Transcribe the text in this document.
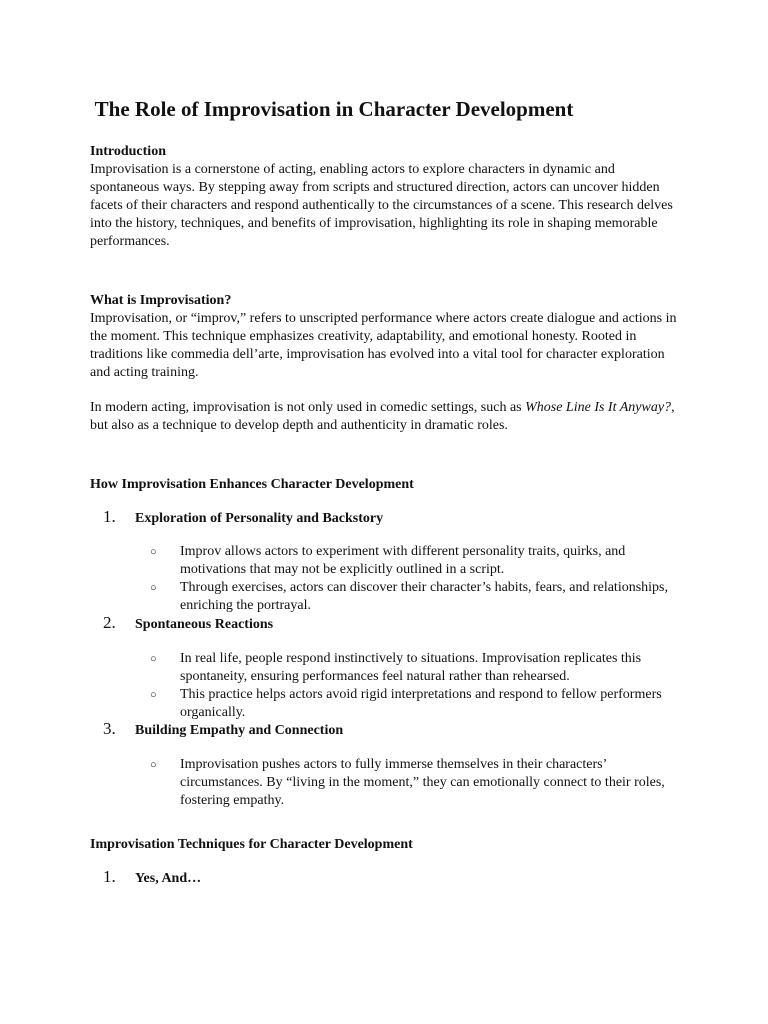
The Role of Improvisation in Character Development
Introduction

Improvisation is a cornerstone of acting, enabling actors to explore characters in dynamic and spontaneous ways. By stepping away from scripts and structured direction, actors can uncover hidden facets of their characters and respond authentically to the circumstances of a scene. This research delves into the history, techniques, and benefits of improvisation, highlighting its role in shaping memorable performances.

What is Improvisation?

Improvisation, or “improv,” refers to unscripted performance where actors create dialogue and actions in the moment. This technique emphasizes creativity, adaptability, and emotional honesty. Rooted in traditions like commedia dell’arte, improvisation has evolved into a vital tool for character exploration and acting training.

In modern acting, improvisation is not only used in comedic settings, such as Whose Line Is It Anyway?, but also as a technique to develop depth and authenticity in dramatic roles.

How Improvisation Enhances Character Development
1. Exploration of Personality and Backstory
○ Improv allows actors to experiment with different personality traits, quirks, and motivations that may not be explicitly outlined in a script.
○ Through exercises, actors can discover their character’s habits, fears, and relationships, enriching the portrayal.
2. Spontaneous Reactions
○ In real life, people respond instinctively to situations. Improvisation replicates this spontaneity, ensuring performances feel natural rather than rehearsed.
○ This practice helps actors avoid rigid interpretations and respond to fellow performers organically.
3. Building Empathy and Connection
○ Improvisation pushes actors to fully immerse themselves in their characters’ circumstances. By “living in the moment,” they can emotionally connect to their roles, fostering empathy.
Improvisation Techniques for Character Development
1. Yes, And…
